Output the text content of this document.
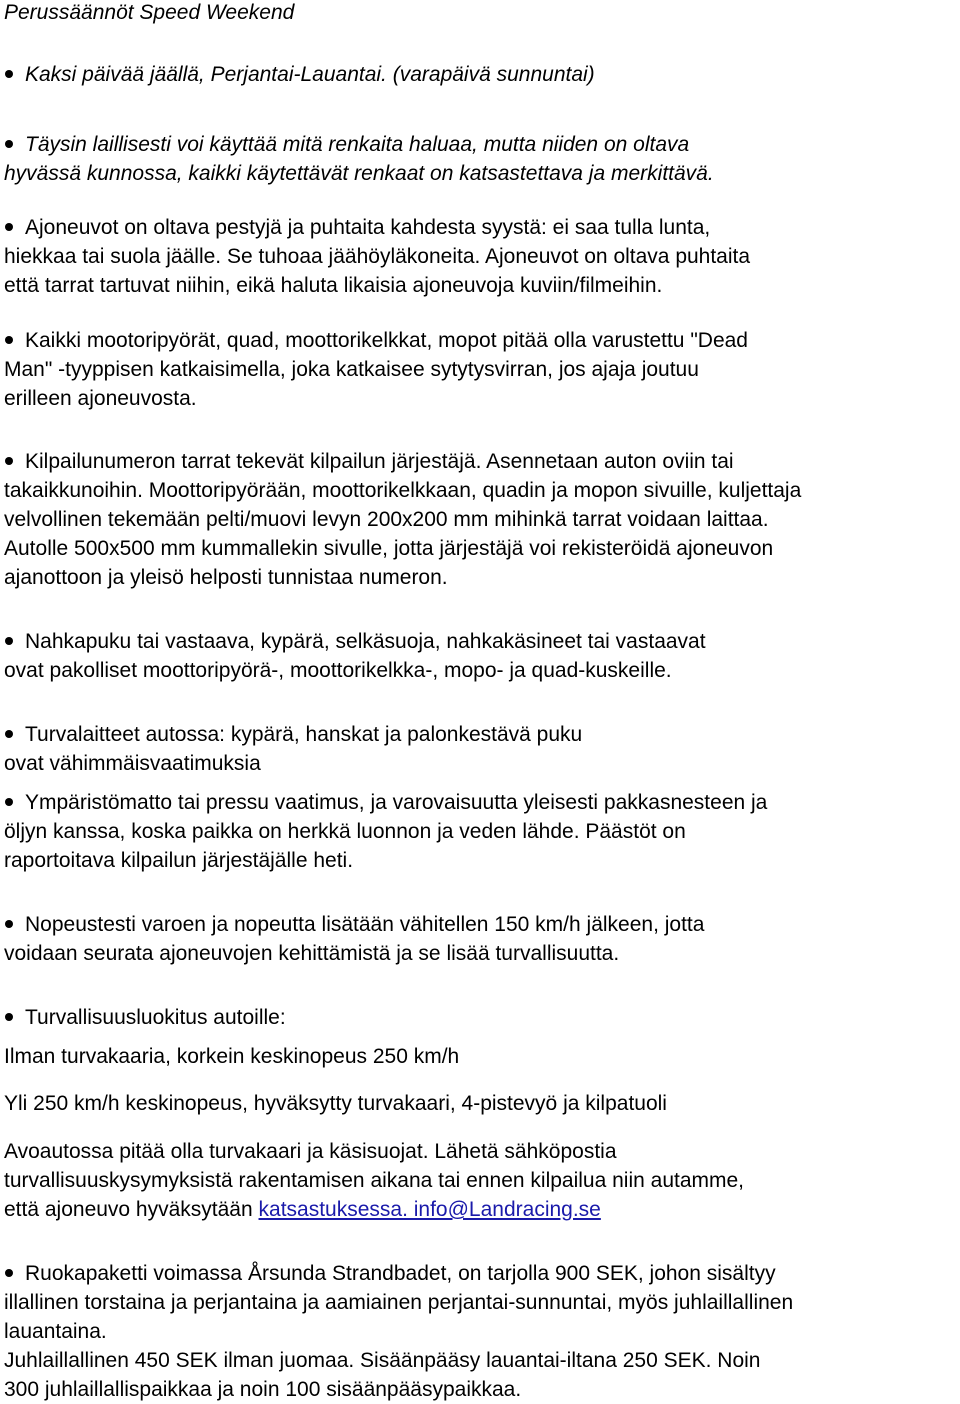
Perussäännöt Speed Weekend
Kaksi päivää jäällä, Perjantai-Lauantai. (varapäivä sunnuntai)
Täysin laillisesti voi käyttää mitä renkaita haluaa, mutta niiden on oltava
hyvässä kunnossa, kaikki käytettävät renkaat on katsastettava ja merkittävä.
Ajoneuvot on oltava pestyjä ja puhtaita kahdesta syystä: ei saa tulla lunta,
hiekkaa tai suola jäälle. Se tuhoaa jäähöyläkoneita. Ajoneuvot on oltava puhtaita
että tarrat tartuvat niihin, eikä haluta likaisia ajoneuvoja kuviin/filmeihin.
Kaikki mootoripyörät, quad, moottorikelkkat, mopot pitää olla varustettu "Dead
Man" -tyyppisen katkaisimella, joka katkaisee sytytysvirran, jos ajaja joutuu
erilleen ajoneuvosta.
Kilpailunumeron tarrat tekevät kilpailun järjestäjä. Asennetaan auton oviin tai
takaikkunoihin. Moottoripyörään, moottorikelkkaan, quadin ja mopon sivuille, kuljettaja
velvollinen tekemään pelti/muovi levyn 200x200 mm mihinkä tarrat voidaan laittaa.
Autolle 500x500 mm kummallekin sivulle, jotta järjestäjä voi rekisteröidä ajoneuvon
ajanottoon ja yleisö helposti tunnistaa numeron.
Nahkapuku tai vastaava, kypärä, selkäsuoja, nahkakäsineet tai vastaavat
ovat pakolliset moottoripyörä-, moottorikelkka-, mopo- ja quad-kuskeille.
Turvalaitteet autossa: kypärä, hanskat ja palonkestävä puku
ovat vähimmäisvaatimuksia
Ympäristömatto tai pressu vaatimus, ja varovaisuutta yleisesti pakkasnesteen ja
öljyn kanssa, koska paikka on herkkä luonnon ja veden lähde. Päästöt on
raportoitava kilpailun järjestäjälle heti.
Nopeustesti varoen ja nopeutta lisätään vähitellen 150 km/h jälkeen, jotta
voidaan seurata ajoneuvojen kehittämistä ja se lisää turvallisuutta.
Turvallisuusluokitus autoille:
Ilman turvakaaria, korkein keskinopeus 250 km/h
Yli 250 km/h keskinopeus, hyväksytty turvakaari, 4-pistevyö ja kilpatuoli
Avoautossa pitää olla turvakaari ja käsisuojat. Lähetä sähköpostia
turvallisuuskysymyksistä rakentamisen aikana tai ennen kilpailua niin autamme,
että ajoneuvo hyväksytään katsastuksessa. info@Landracing.se
Ruokapaketti voimassa Årsunda Strandbadet, on tarjolla 900 SEK, johon sisältyy
illallinen torstaina ja perjantaina ja aamiainen perjantai-sunnuntai, myös juhlaillallinen
lauantaina.
Juhlaillallinen 450 SEK ilman juomaa. Sisäänpääsy lauantai-iltana 250 SEK. Noin
300 juhlaillallispaikkaa ja noin 100 sisäänpääsypaikkaa.
